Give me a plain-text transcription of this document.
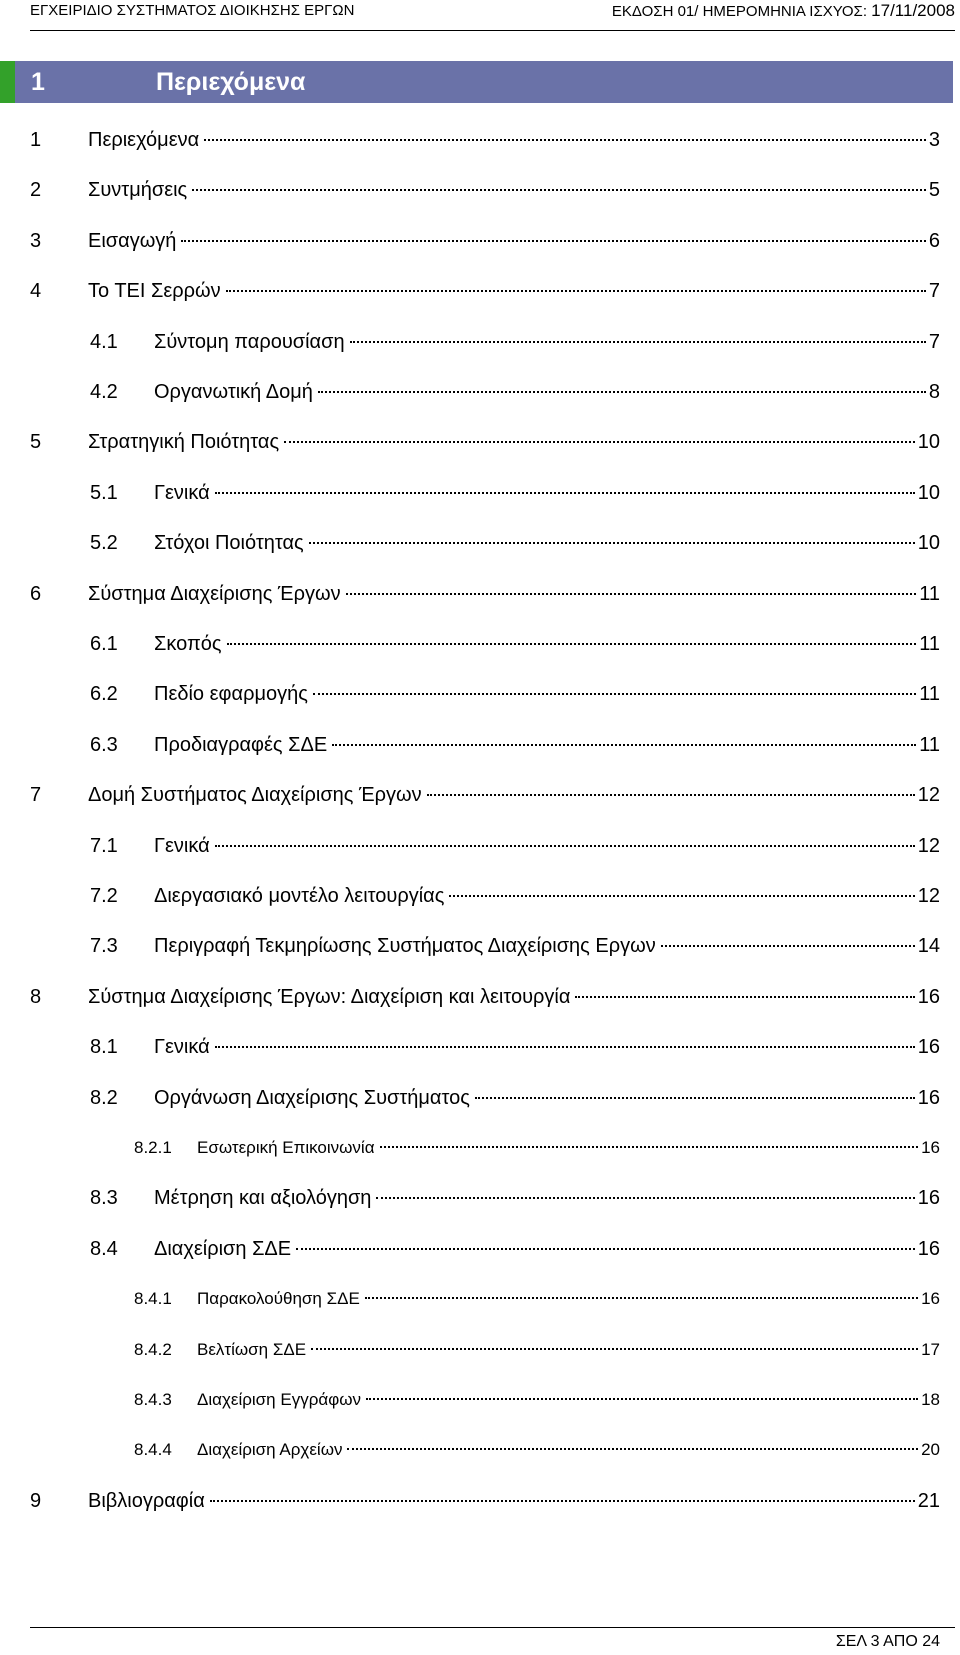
ΕΓΧΕΙΡΙΔΙΟ ΣΥΣΤΗΜΑΤΟΣ ΔΙΟΙΚΗΣΗΣ ΕΡΓΩΝ	ΕΚΔΟΣΗ 01/ ΗΜΕΡΟΜΗΝΙΑ ΙΣΧΥΟΣ: 17/11/2008
1	Περιεχόμενα
1	Περιεχόμενα	3
2	Συντμήσεις	5
3	Εισαγωγή	6
4	Το ΤΕΙ Σερρών	7
4.1	Σύντομη παρουσίαση	7
4.2	Οργανωτική Δομή	8
5	Στρατηγική Ποιότητας	10
5.1	Γενικά	10
5.2	Στόχοι Ποιότητας	10
6	Σύστημα Διαχείρισης Έργων	11
6.1	Σκοπός	11
6.2	Πεδίο εφαρμογής	11
6.3	Προδιαγραφές ΣΔΕ	11
7	Δομή Συστήματος Διαχείρισης Έργων	12
7.1	Γενικά	12
7.2	Διεργασιακό μοντέλο λειτουργίας	12
7.3	Περιγραφή Τεκμηρίωσης Συστήματος Διαχείρισης Εργων	14
8	Σύστημα Διαχείρισης Έργων: Διαχείριση και λειτουργία	16
8.1	Γενικά	16
8.2	Οργάνωση Διαχείρισης Συστήματος	16
8.2.1	Εσωτερική Επικοινωνία	16
8.3	Μέτρηση και αξιολόγηση	16
8.4	Διαχείριση ΣΔΕ	16
8.4.1	Παρακολούθηση ΣΔΕ	16
8.4.2	Βελτίωση ΣΔΕ	17
8.4.3	Διαχείριση Εγγράφων	18
8.4.4	Διαχείριση Αρχείων	20
9	Βιβλιογραφία	21
ΣΕΛ 3 ΑΠΟ 24
